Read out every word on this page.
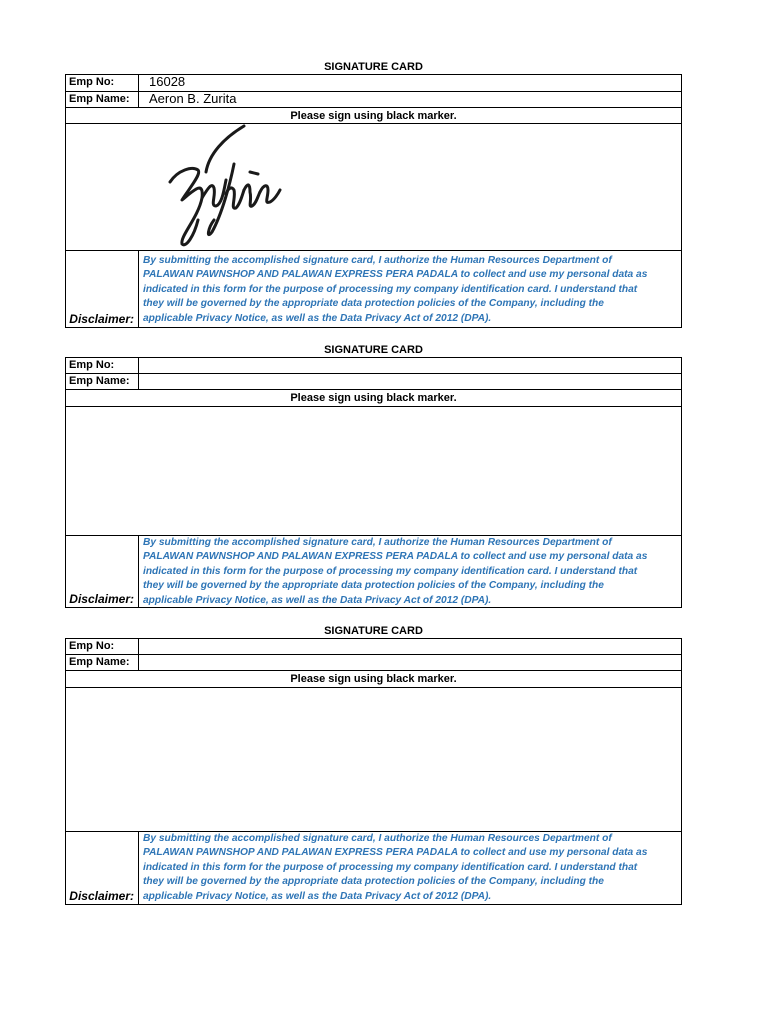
SIGNATURE CARD
Emp No:	16028
Emp Name:	Aeron B. Zurita
Please sign using black marker.
Disclaimer:
By submitting the accomplished signature card, I authorize the Human Resources Department of
PALAWAN PAWNSHOP AND PALAWAN EXPRESS PERA PADALA to collect and use my personal data as
indicated in this form for the purpose of processing my company identification card. I understand that
they will be governed by the appropriate data protection policies of the Company, including the
applicable Privacy Notice, as well as the Data Privacy Act of 2012 (DPA).
SIGNATURE CARD
Emp No:
Emp Name:
Please sign using black marker.
Disclaimer:
By submitting the accomplished signature card, I authorize the Human Resources Department of
PALAWAN PAWNSHOP AND PALAWAN EXPRESS PERA PADALA to collect and use my personal data as
indicated in this form for the purpose of processing my company identification card. I understand that
they will be governed by the appropriate data protection policies of the Company, including the
applicable Privacy Notice, as well as the Data Privacy Act of 2012 (DPA).
SIGNATURE CARD
Emp No:
Emp Name:
Please sign using black marker.
Disclaimer:
By submitting the accomplished signature card, I authorize the Human Resources Department of
PALAWAN PAWNSHOP AND PALAWAN EXPRESS PERA PADALA to collect and use my personal data as
indicated in this form for the purpose of processing my company identification card. I understand that
they will be governed by the appropriate data protection policies of the Company, including the
applicable Privacy Notice, as well as the Data Privacy Act of 2012 (DPA).
